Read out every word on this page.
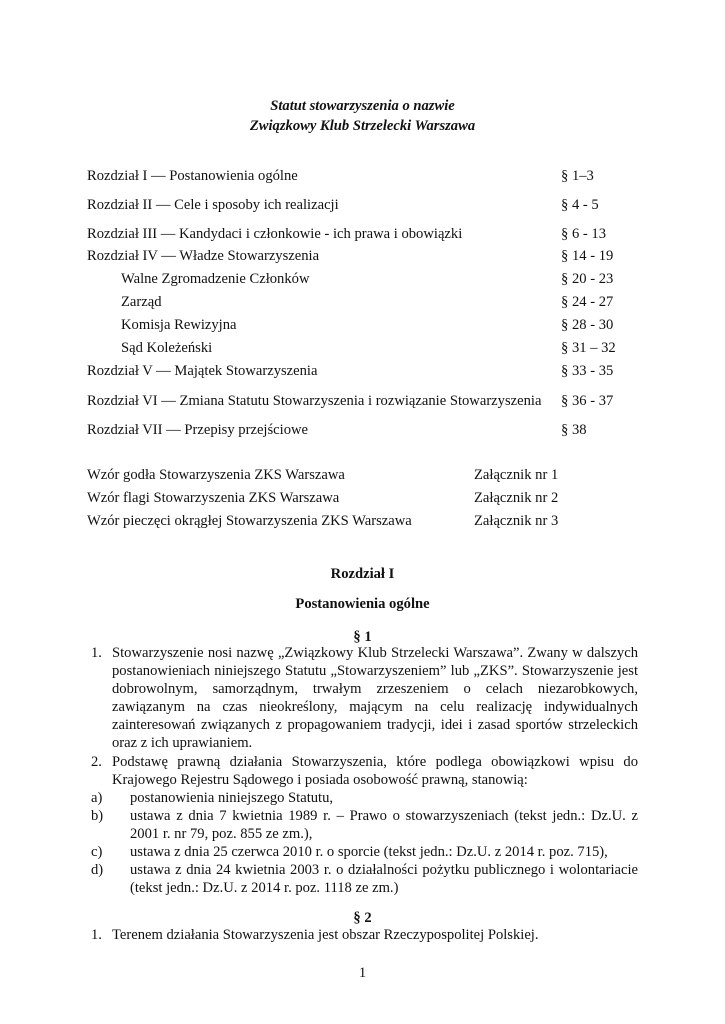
Statut stowarzyszenia o nazwie
Związkowy Klub Strzelecki Warszawa
Rozdział I — Postanowienia ogólne	§ 1–3
Rozdział II — Cele i sposoby ich realizacji	§ 4 - 5
Rozdział III — Kandydaci i członkowie - ich prawa i obowiązki	§ 6 - 13
Rozdział IV — Władze Stowarzyszenia	§ 14 - 19
Walne Zgromadzenie Członków	§ 20 - 23
Zarząd	§ 24 - 27
Komisja Rewizyjna	§ 28 - 30
Sąd Koleżeński	§ 31 – 32
Rozdział V — Majątek Stowarzyszenia	§ 33 - 35
Rozdział VI — Zmiana Statutu Stowarzyszenia i rozwiązanie Stowarzyszenia § 36 - 37
Rozdział VII — Przepisy przejściowe	§ 38
Wzór godła Stowarzyszenia ZKS Warszawa	Załącznik nr 1
Wzór flagi Stowarzyszenia ZKS Warszawa	Załącznik nr 2
Wzór pieczęci okrągłej Stowarzyszenia ZKS Warszawa	Załącznik nr 3
Rozdział I
Postanowienia ogólne
§ 1
1. Stowarzyszenie nosi nazwę „Związkowy Klub Strzelecki Warszawa”. Zwany w dalszych
postanowieniach niniejszego Statutu „Stowarzyszeniem” lub „ZKS”. Stowarzyszenie jest
dobrowolnym, samorządnym, trwałym zrzeszeniem o celach niezarobkowych,
zawiązanym na czas nieokreślony, mającym na celu realizację indywidualnych
zainteresowań związanych z propagowaniem tradycji, idei i zasad sportów strzeleckich
oraz z ich uprawianiem.
2. Podstawę prawną działania Stowarzyszenia, które podlega obowiązkowi wpisu do
Krajowego Rejestru Sądowego i posiada osobowość prawną, stanowią:
a) postanowienia niniejszego Statutu,
b) ustawa z dnia 7 kwietnia 1989 r. – Prawo o stowarzyszeniach (tekst jedn.: Dz.U. z
2001 r. nr 79, poz. 855 ze zm.),
c) ustawa z dnia 25 czerwca 2010 r. o sporcie (tekst jedn.: Dz.U. z 2014 r. poz. 715),
d) ustawa z dnia 24 kwietnia 2003 r. o działalności pożytku publicznego i wolontariacie
(tekst jedn.: Dz.U. z 2014 r. poz. 1118 ze zm.)
§ 2
1. Terenem działania Stowarzyszenia jest obszar Rzeczypospolitej Polskiej.
1
